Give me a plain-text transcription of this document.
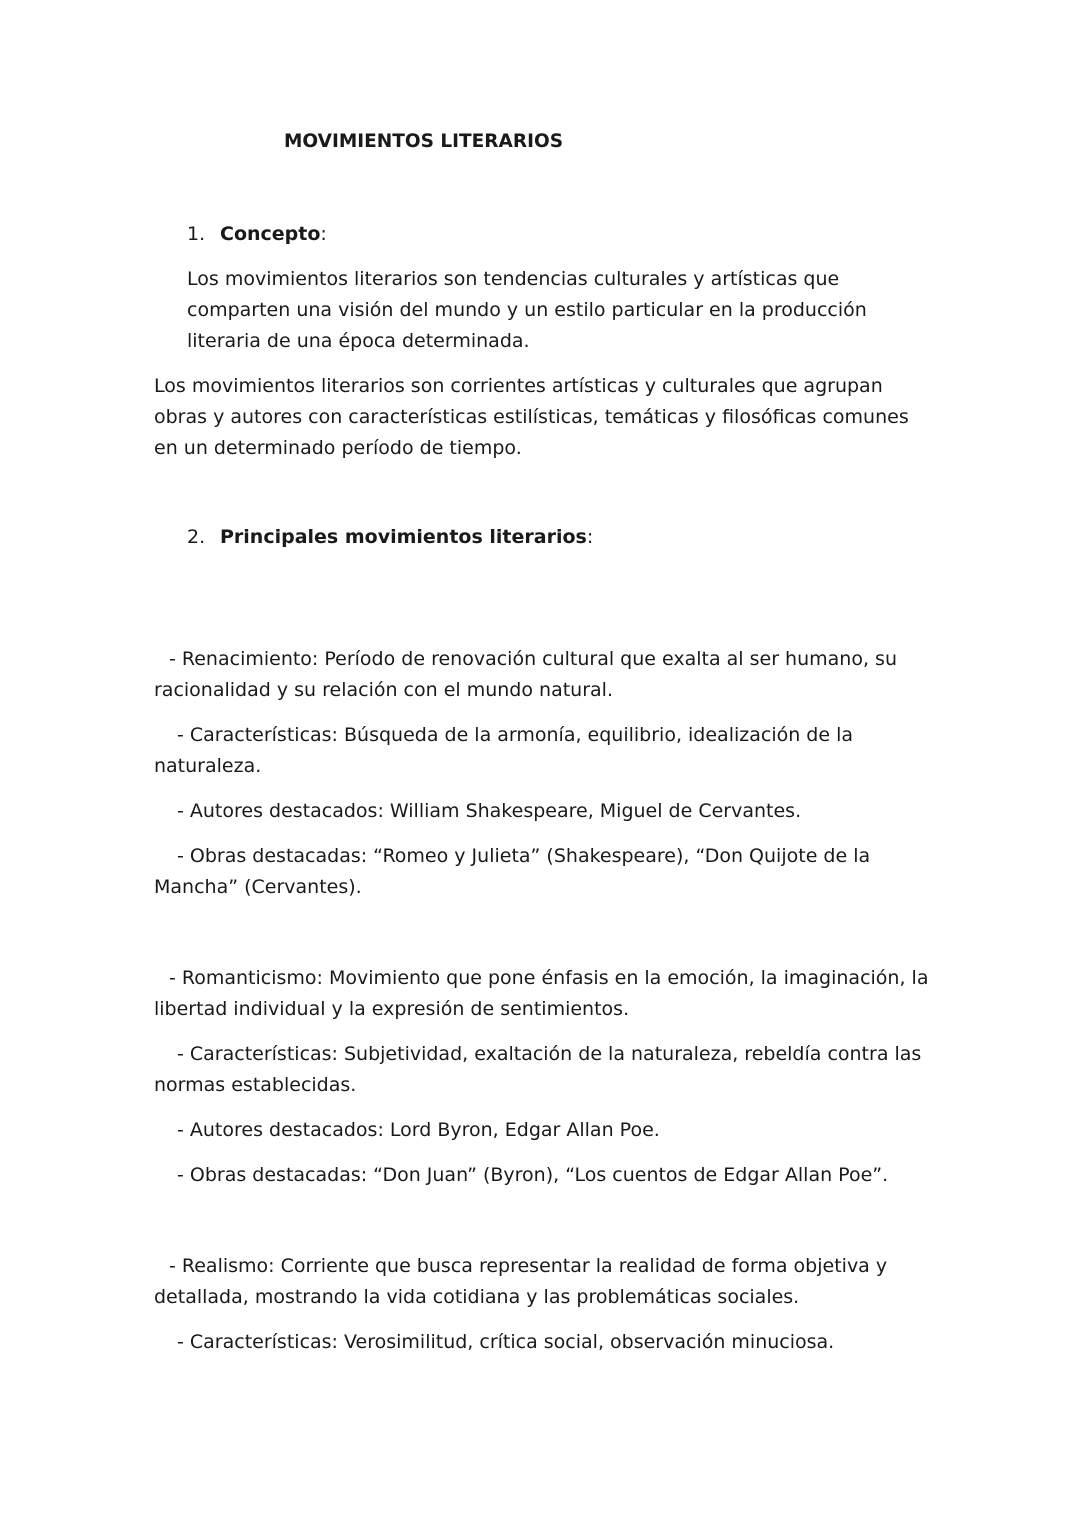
MOVIMIENTOS LITERARIOS
1. Concepto:

Los movimientos literarios son tendencias culturales y artísticas que comparten una visión del mundo y un estilo particular en la producción literaria de una época determinada.

Los movimientos literarios son corrientes artísticas y culturales que agrupan obras y autores con características estilísticas, temáticas y filosóficas comunes en un determinado período de tiempo.

2. Principales movimientos literarios:

- Renacimiento: Período de renovación cultural que exalta al ser humano, su racionalidad y su relación con el mundo natural.

- Características: Búsqueda de la armonía, equilibrio, idealización de la naturaleza.

- Autores destacados: William Shakespeare, Miguel de Cervantes.

- Obras destacadas: “Romeo y Julieta” (Shakespeare), “Don Quijote de la Mancha” (Cervantes).

- Romanticismo: Movimiento que pone énfasis en la emoción, la imaginación, la libertad individual y la expresión de sentimientos.

- Características: Subjetividad, exaltación de la naturaleza, rebeldía contra las normas establecidas.

- Autores destacados: Lord Byron, Edgar Allan Poe.

- Obras destacadas: “Don Juan” (Byron), “Los cuentos de Edgar Allan Poe”.

- Realismo: Corriente que busca representar la realidad de forma objetiva y detallada, mostrando la vida cotidiana y las problemáticas sociales.

- Características: Verosimilitud, crítica social, observación minuciosa.
